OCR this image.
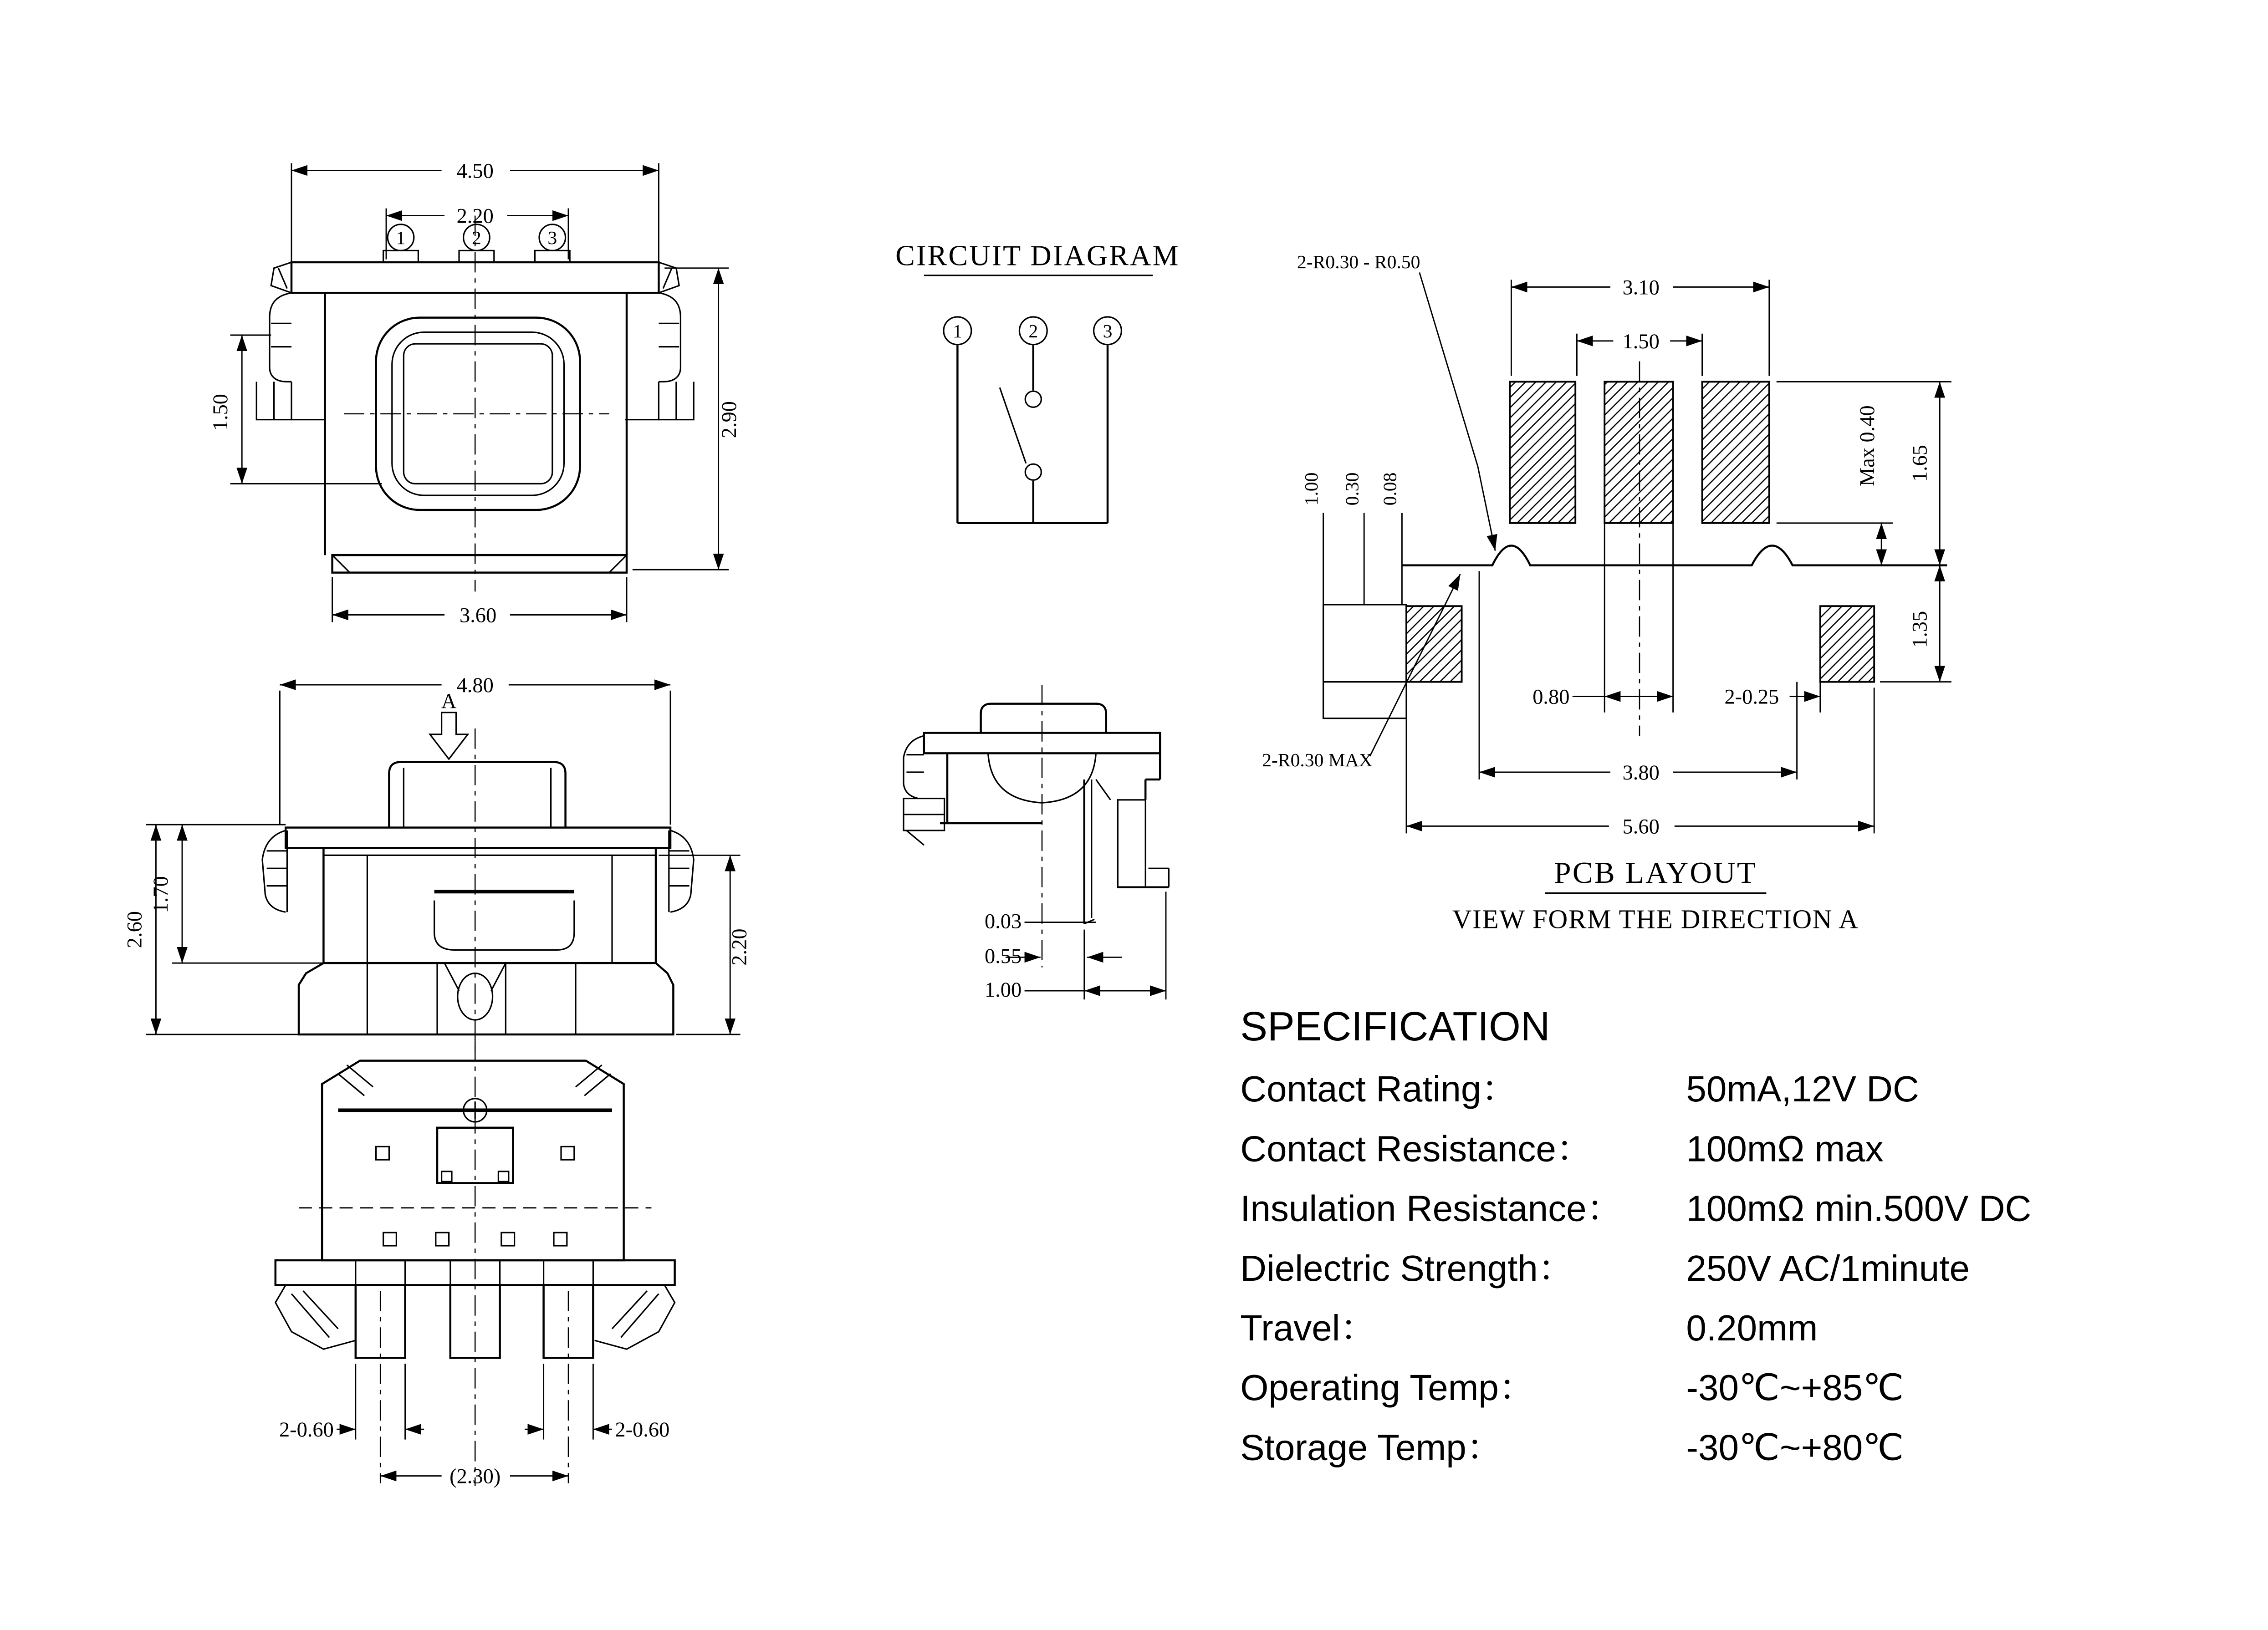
4.50
2.20
1	2	3
1.50	2.90
3.60
CIRCUIT DIAGRAM
1	2	3
2-R0.30 - R0.50
3.10
1.50
Max 0.40	1.65
1.35
1.00	0.30	0.08
0.80	2-0.25
3.80
5.60
2-R0.30 MAX
PCB LAYOUT
VIEW FORM THE DIRECTION A
4.80
A
2.60
1.70
2.20
0.03
0.55
1.00
2-0.60	2-0.60
(2.30)
SPECIFICATION
Contact Rating：	50mA,12V DC
Contact Resistance：	100mΩ max
Insulation Resistance：	100mΩ min.500V DC
Dielectric Strength：	250V AC/1minute
Travel：	0.20mm
Operating Temp：	-30℃~+85℃
Storage Temp：	-30℃~+80℃
